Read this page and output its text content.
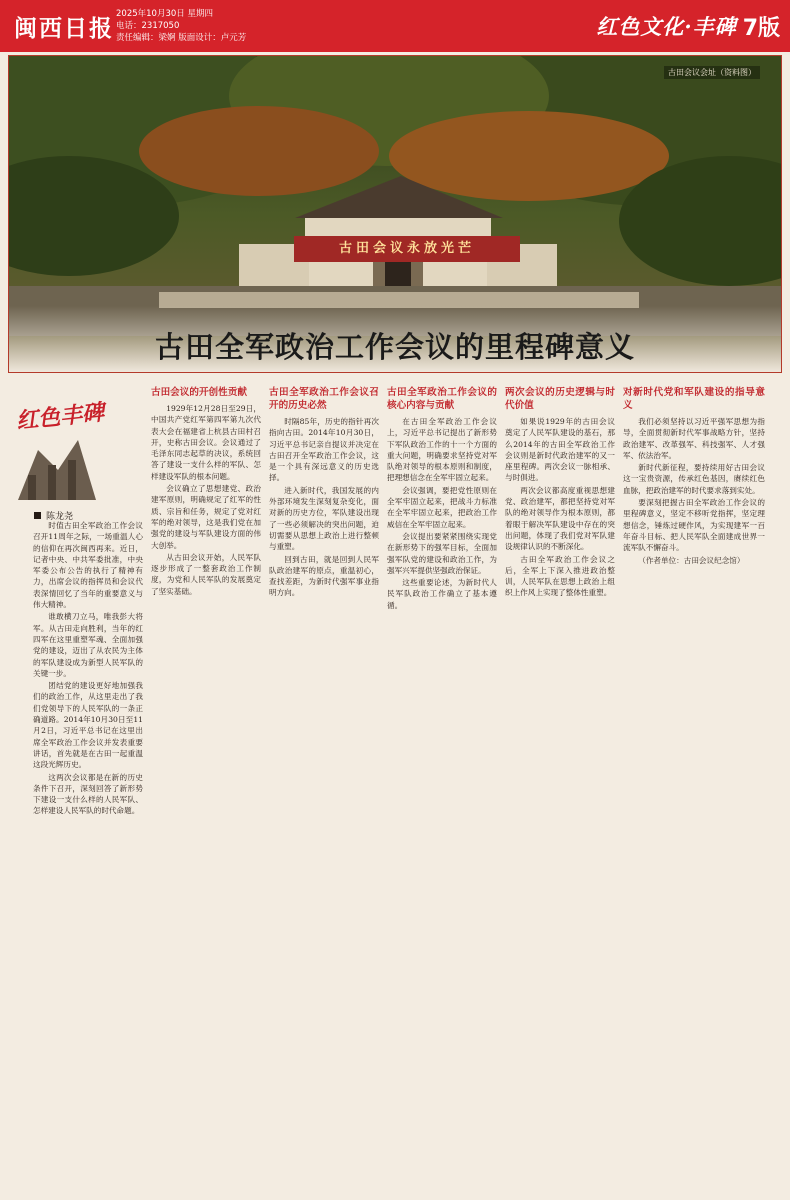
闽西日报
2025年10月30日 星期四
电话：2317050
责任编辑：梁婀 版面设计：卢元芳	红色文化·丰碑 7版
古田会议永放光芒
古田会议会址（资料图）
古田全军政治工作会议的里程碑意义
红色丰碑
陈龙尧

时值古田全军政治工作会议召开11周年之际，一场重温人心的信仰在再次闽西再来。近日，记者中央、中共军委批准，中央军委公布公告的执行了精神有力，出席会议的指挥员和会议代表深情回忆了当年的重要意义与伟大精神。

谁敢横刀立马，唯我彭大将军。从古田走向胜利，当年的红四军在这里重塑军魂、全面加强党的建设，迈出了从农民为主体的军队建设成为新型人民军队的关键一步。

团结党的建设更好地加强我们的政治工作，从这里走出了我们党领导下的人民军队的一条正确道路。2014年10月30日至11月2日，习近平总书记在这里出席全军政治工作会议并发表重要讲话，首先就是在古田一起重温这段光辉历史。

这两次会议都是在新的历史条件下召开，深刻回答了新形势下建设一支什么样的人民军队、怎样建设人民军队的时代命题。

古田会议的开创性贡献

1929年12月28日至29日，中国共产党红军第四军第九次代表大会在福建省上杭县古田村召开，史称古田会议。会议通过了毛泽东同志起草的决议，系统回答了建设一支什么样的军队、怎样建设军队的根本问题。

会议确立了思想建党、政治建军原则，明确规定了红军的性质、宗旨和任务，规定了党对红军的绝对领导，这是我们党在加强党的建设与军队建设方面的伟大创举。

从古田会议开始，人民军队逐步形成了一整套政治工作制度，为党和人民军队的发展奠定了坚实基础。

古田全军政治工作会议召开的历史必然

时隔85年，历史的指针再次指向古田。2014年10月30日，习近平总书记亲自提议并决定在古田召开全军政治工作会议，这是一个具有深远意义的历史选择。

进入新时代，我国发展的内外部环境发生深刻复杂变化，面对新的历史方位，军队建设出现了一些必须解决的突出问题，迫切需要从思想上政治上进行整顿与重塑。

回到古田，就是回到人民军队政治建军的原点，重温初心，查找差距，为新时代强军事业指明方向。

古田全军政治工作会议的核心内容与贡献

在古田全军政治工作会议上，习近平总书记提出了新形势下军队政治工作的十一个方面的重大问题，明确要求坚持党对军队绝对领导的根本原则和制度，把理想信念在全军牢固立起来。

会议强调，要把党性原则在全军牢固立起来，把战斗力标准在全军牢固立起来，把政治工作威信在全军牢固立起来。

会议提出要紧紧围绕实现党在新形势下的强军目标，全面加强军队党的建设和政治工作，为强军兴军提供坚强政治保证。

这些重要论述，为新时代人民军队政治工作确立了基本遵循。

两次会议的历史逻辑与时代价值

如果说1929年的古田会议奠定了人民军队建设的基石，那么2014年的古田全军政治工作会议则是新时代政治建军的又一座里程碑。两次会议一脉相承、与时俱进。

两次会议都高度重视思想建党、政治建军，都把坚持党对军队的绝对领导作为根本原则，都着眼于解决军队建设中存在的突出问题，体现了我们党对军队建设规律认识的不断深化。

古田全军政治工作会议之后，全军上下深入推进政治整训，人民军队在思想上政治上组织上作风上实现了整体性重塑。

对新时代党和军队建设的指导意义

我们必须坚持以习近平强军思想为指导，全面贯彻新时代军事战略方针，坚持政治建军、改革强军、科技强军、人才强军、依法治军。

新时代新征程，要持续用好古田会议这一宝贵资源，传承红色基因，赓续红色血脉，把政治建军的时代要求落到实处。

要深刻把握古田全军政治工作会议的里程碑意义，坚定不移听党指挥，坚定理想信念，锤炼过硬作风，为实现建军一百年奋斗目标、把人民军队全面建成世界一流军队不懈奋斗。

（作者单位：古田会议纪念馆）
